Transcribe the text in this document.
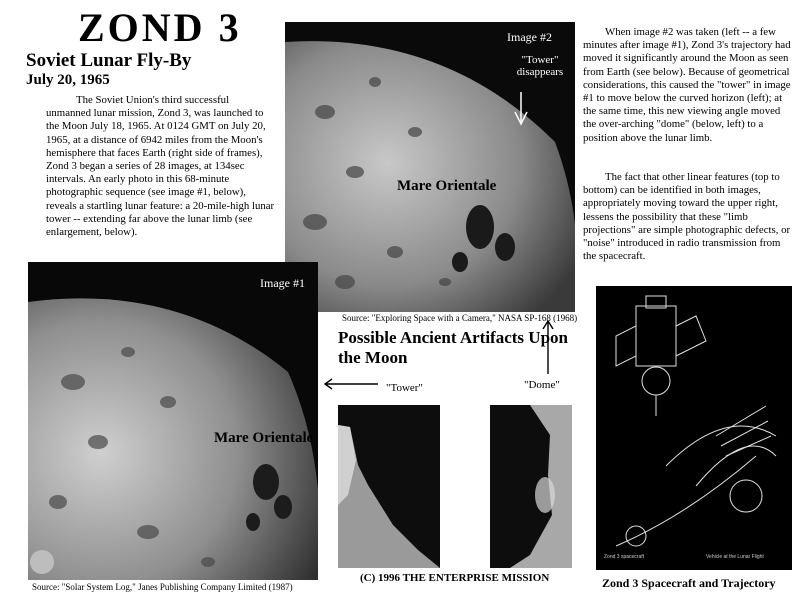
ZOND 3
Soviet Lunar Fly-By
July 20, 1965
The Soviet Union's third successful unmanned lunar mission, Zond 3, was launched to the Moon July 18, 1965. At 0124 GMT on July 20, 1965, at a distance of 6942 miles from the Moon's hemisphere that faces Earth (right side of frames), Zond 3 began a series of 28 images, at 134sec intervals. An early photo in this 68-minute photographic sequence (see image #1, below), reveals a startling lunar feature: a 20-mile-high lunar tower -- extending far above the lunar limb (see enlargement, below).
Image #2
Mare Orientale
"Tower" disappears
When image #2 was taken (left -- a few minutes after image #1), Zond 3's trajectory had moved it significantly around the Moon as seen from Earth (see below). Because of geometrical considerations, this caused the "tower" in image #1 to move below the curved horizon (left); at the same time, this new viewing angle moved the over-arching "dome" (below, left) to a position above the lunar limb.
The fact that other linear features (top to bottom) can be identified in both images, appropriately moving toward the upper right, lessens the possibility that these "limb projections" are simple photographic defects, or "noise" introduced in radio transmission from the spacecraft.
Image #1
Mare Orientale
Source: "Exploring Space with a Camera," NASA SP-168 (1968)
Possible Ancient Artifacts Upon the Moon
"Tower"	"Dome"
Zond 3 spacecraft	Vehicle at the Lunar Flight
(C) 1996 THE ENTERPRISE MISSION
Source: "Solar System Log," Janes Publishing Company Limited (1987)	Zond 3 Spacecraft and Trajectory
